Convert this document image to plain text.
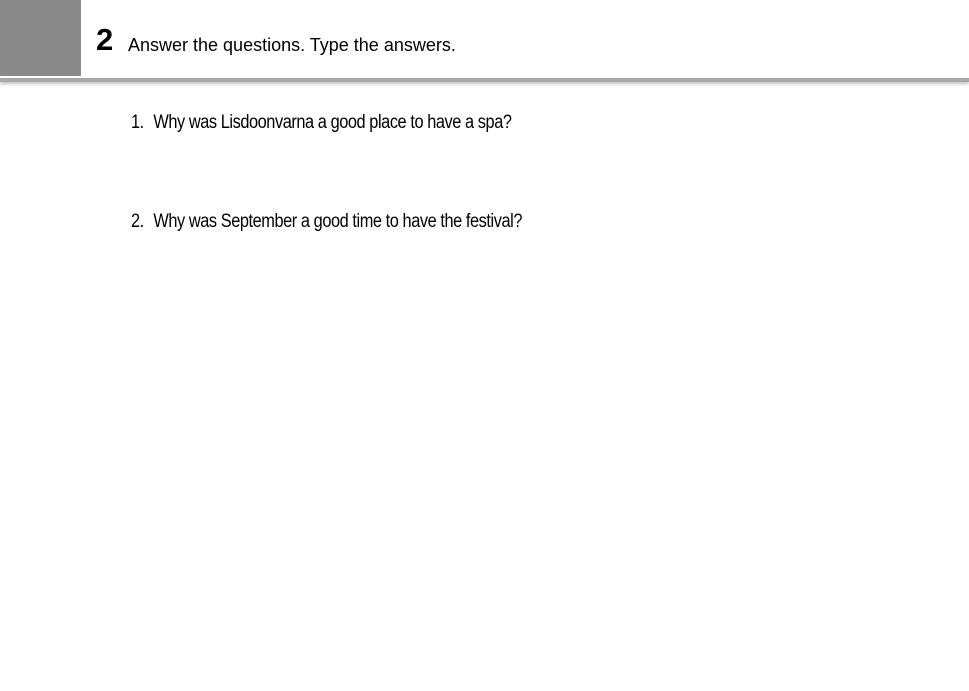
2 Answer the questions. Type the answers.
1. Why was Lisdoonvarna a good place to have a spa?
2. Why was September a good time to have the festival?
